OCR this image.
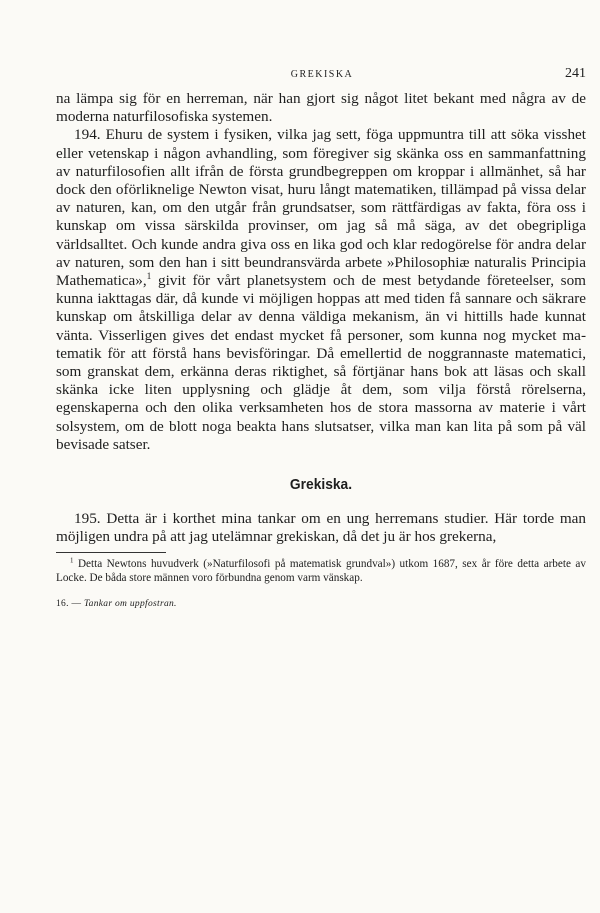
GREKISKA	241

na lämpa sig för en herreman, när han gjort sig något litet bekant med några av de moderna naturfilosofiska systemen.

194. Ehuru de system i fysiken, vilka jag sett, föga uppmuntra till att söka visshet eller vetenskap i någon avhandling, som föregiver sig skänka oss en sammanfattning av naturfilosofien allt ifrån de första grundbegreppen om kroppar i allmänhet, så har dock den oförliknelige Newton visat, huru långt matematiken, tillämpad på vissa delar av naturen, kan, om den utgår från grundsatser, som rättfärdigas av fakta, föra oss i kunskap om vissa särskilda provinser, om jag så må säga, av det obegripliga världsalltet. Och kunde andra giva oss en lika god och klar redogörelse för andra delar av naturen, som den han i sitt beundransvärda arbete »Philosophiæ naturalis Principia Mathematica»,$^1$ givit för vårt planetsystem och de mest betydande företeelser, som kunna iakttagas där, då kunde vi möjligen hoppas att med tiden få sannare och säkrare kunskap om åtskilliga delar av denna väldiga mekanism, än vi hittills hade kunnat vänta. Visserligen gives det endast mycket få personer, som kunna nog mycket matematik för att förstå hans bevisföringar. Då emellertid de noggrannaste matematici, som granskat dem, erkänna deras riktighet, så förtjänar hans bok att läsas och skall skänka icke liten upplysning och glädje åt dem, som vilja förstå rörelserna, egenskaperna och den olika verksamheten hos de stora massorna av materie i vårt solsystem, om de blott noga beakta hans slutsatser, vilka man kan lita på som på väl bevisade satser.

Grekiska.

195. Detta är i korthet mina tankar om en ung herremans studier. Här torde man möjligen undra på att jag utelämnar grekiskan, då det ju är hos grekerna,

$^1$ Detta Newtons huvudverk (»Naturfilosofi på matematisk grundval») utkom 1687, sex år före detta arbete av Locke. De båda store männen voro förbundna genom varm vänskap.

16. — Tankar om uppfostran.
